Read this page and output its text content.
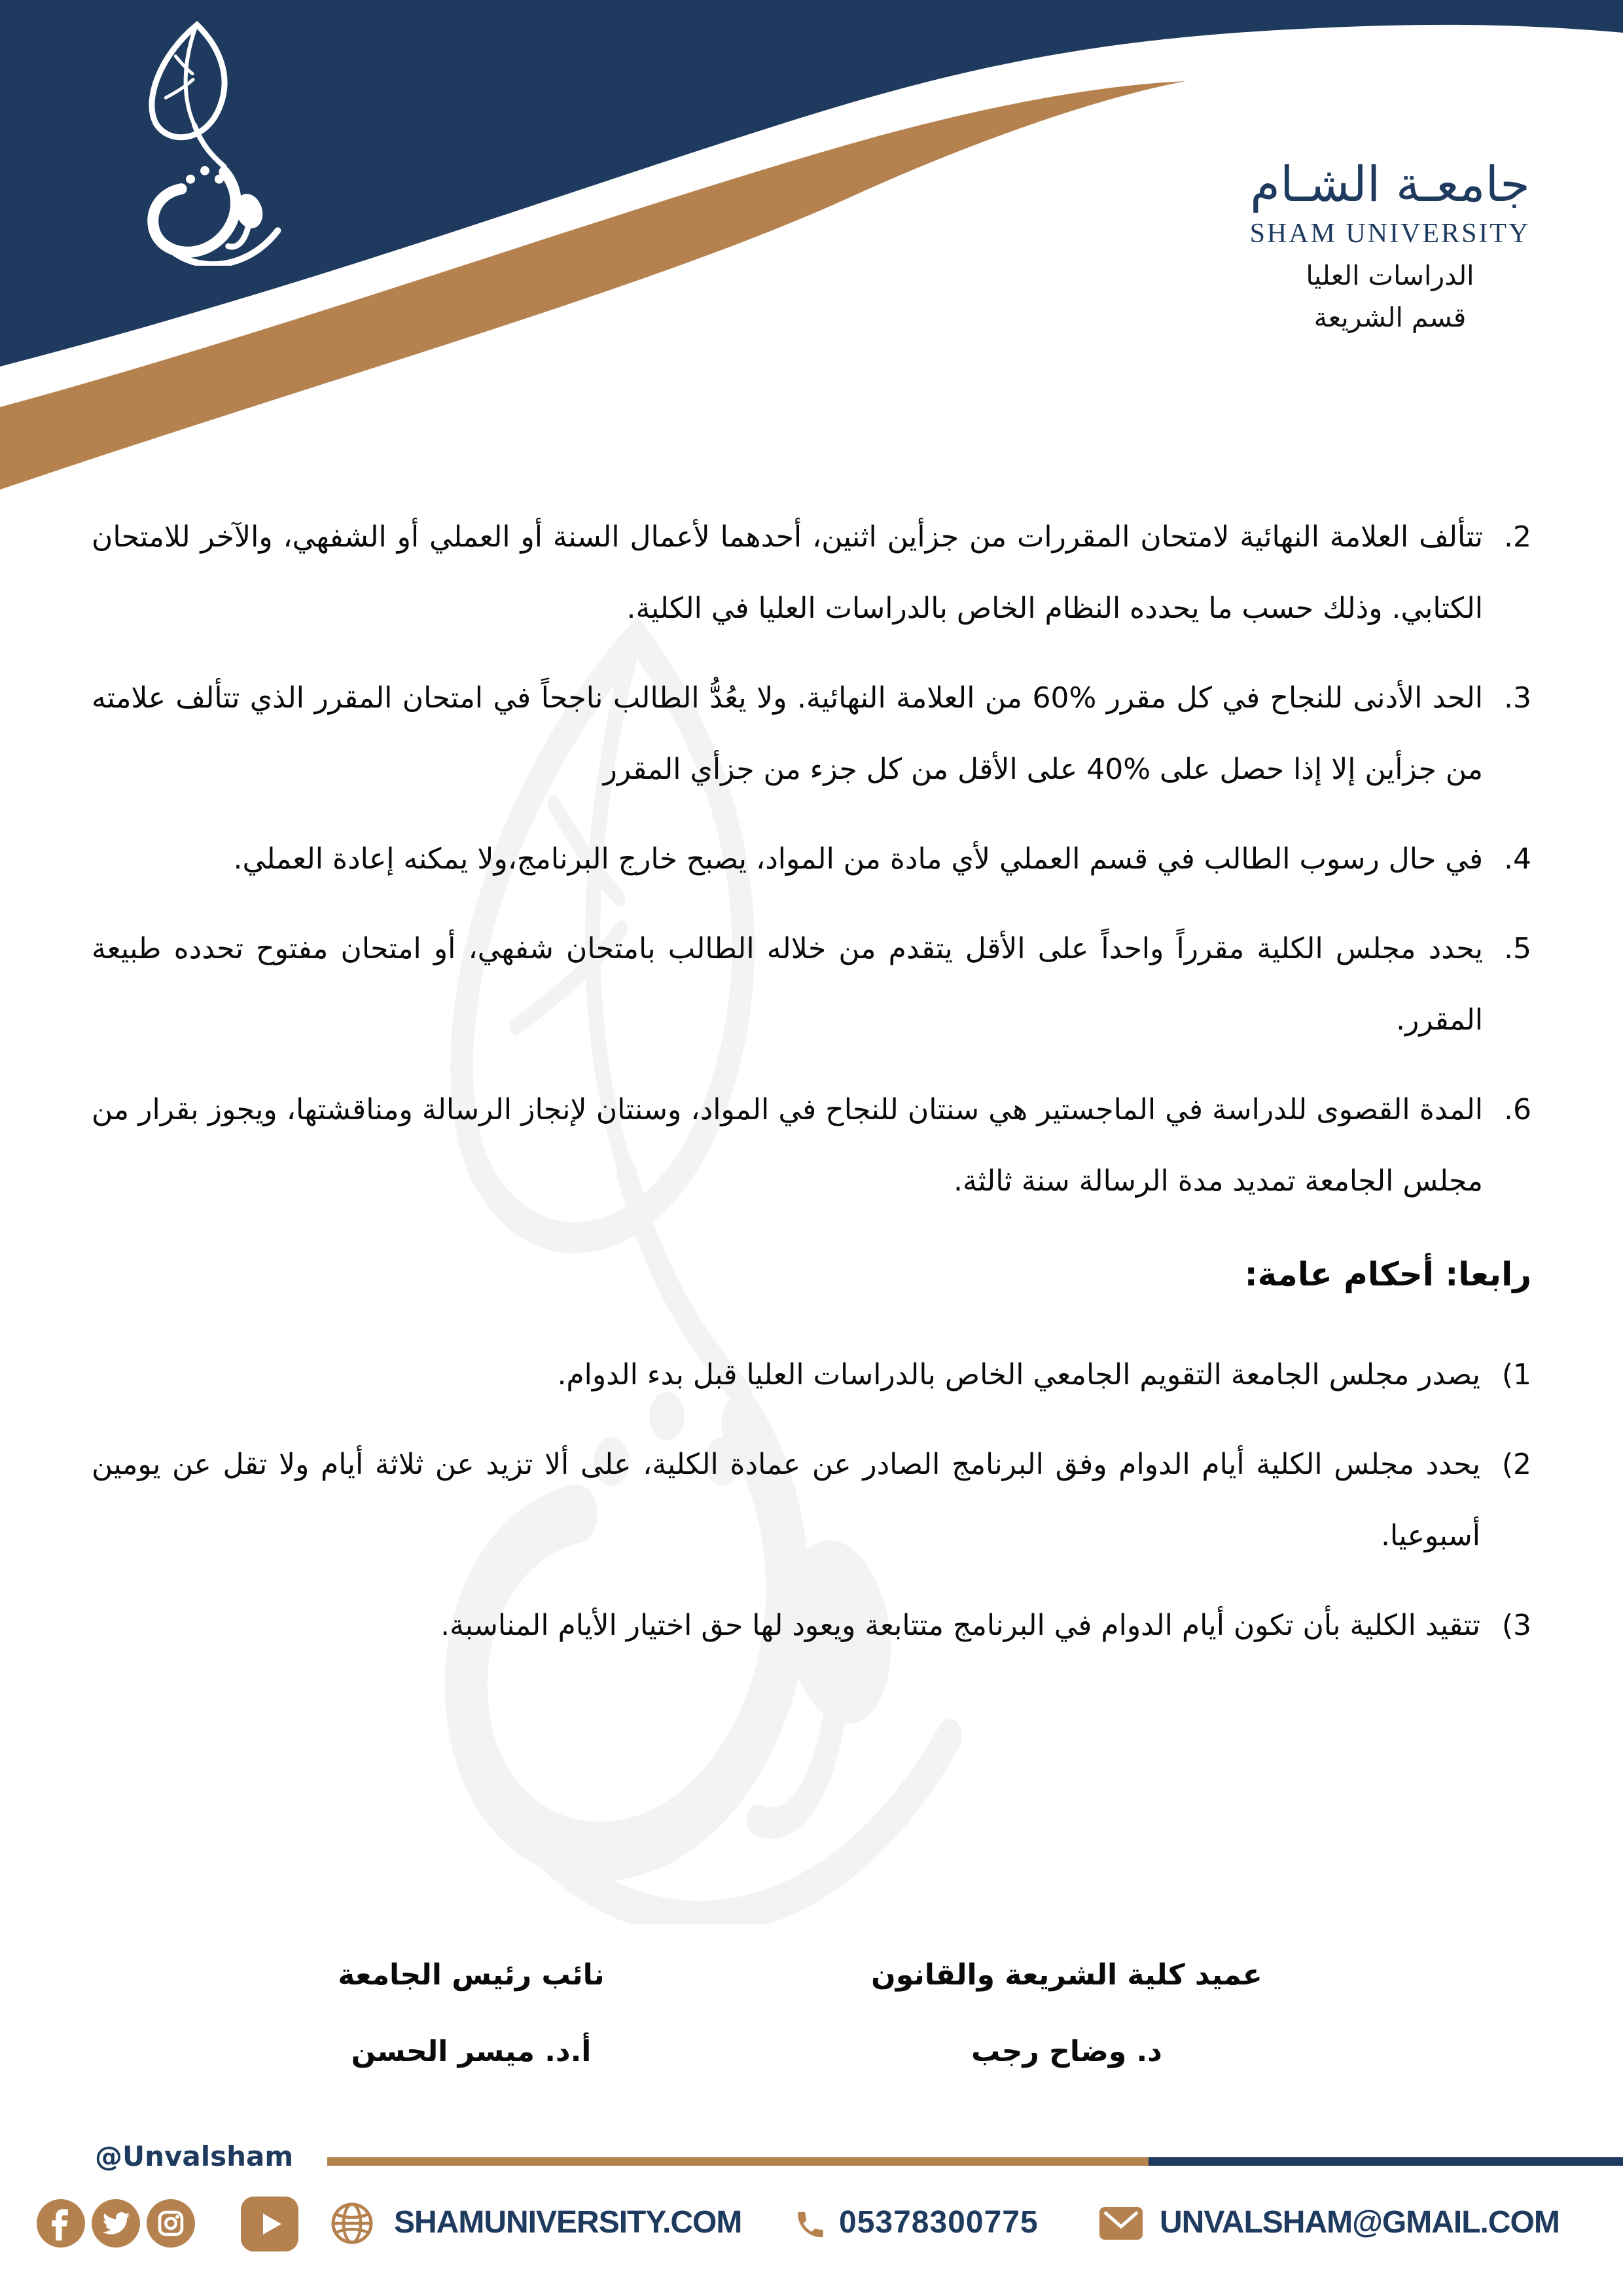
جامعـة الشـام
SHAM UNIVERSITY
الدراسات العليا
قسم الشريعة
2.
تتألف العلامة النهائية لامتحان المقررات من جزأين اثنين، أحدهما لأعمال السنة أو العملي أو الشفهي، والآخر للامتحان الكتابي. وذلك حسب ما يحدده النظام الخاص بالدراسات العليا في الكلية.
3.
الحد الأدنى للنجاح في كل مقرر %60 من العلامة النهائية. ولا يعُدُّ الطالب ناجحاً في امتحان المقرر الذي تتألف علامته من جزأين إلا إذا حصل على %40 على الأقل من كل جزء من جزأي المقرر
4.
في حال رسوب الطالب في قسم العملي لأي مادة من المواد، يصبح خارج البرنامج،ولا يمكنه إعادة العملي.
5.
يحدد مجلس الكلية مقرراً واحداً على الأقل يتقدم من خلاله الطالب بامتحان شفهي، أو امتحان مفتوح تحدده طبيعة المقرر.
6.
المدة القصوى للدراسة في الماجستير هي سنتان للنجاح في المواد، وسنتان لإنجاز الرسالة ومناقشتها، ويجوز بقرار من مجلس الجامعة تمديد مدة الرسالة سنة ثالثة.
رابعا: أحكام عامة:
1)
يصدر مجلس الجامعة التقويم الجامعي الخاص بالدراسات العليا قبل بدء الدوام.
2)
يحدد مجلس الكلية أيام الدوام وفق البرنامج الصادر عن عمادة الكلية، على ألا تزيد عن ثلاثة أيام ولا تقل عن يومين أسبوعيا.
3)
تتقيد الكلية بأن تكون أيام الدوام في البرنامج متتابعة ويعود لها حق اختيار الأيام المناسبة.
عميد كلية الشريعة والقانون
د. وضاح رجب
نائب رئيس الجامعة
أ.د. ميسر الحسن
@Unvalsham
SHAMUNIVERSITY.COM	05378300775	UNVALSHAM@GMAIL.COM
